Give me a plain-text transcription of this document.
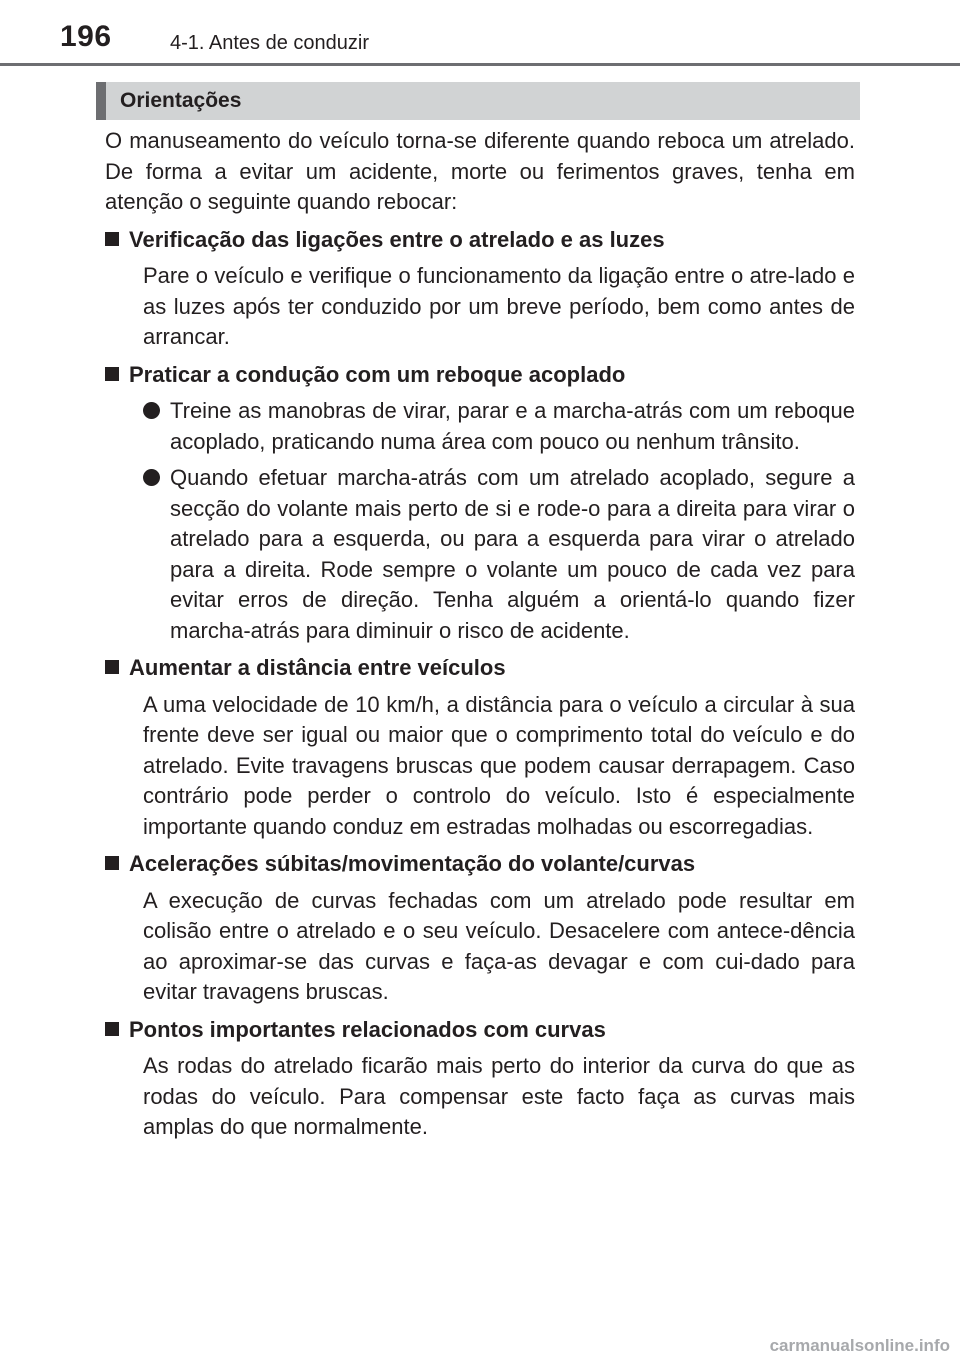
196	4-1. Antes de conduzir
Orientações

O manuseamento do veículo torna-se diferente quando reboca um atrelado. De forma a evitar um acidente, morte ou ferimentos graves, tenha em atenção o seguinte quando rebocar:

Verificação das ligações entre o atrelado e as luzes

Pare o veículo e verifique o funcionamento da ligação entre o atre-lado e as luzes após ter conduzido por um breve período, bem como antes de arrancar.

Praticar a condução com um reboque acoplado
Treine as manobras de virar, parar e a marcha-atrás com um reboque acoplado, praticando numa área com pouco ou nenhum trânsito.
Quando efetuar marcha-atrás com um atrelado acoplado, segure a secção do volante mais perto de si e rode-o para a direita para virar o atrelado para a esquerda, ou para a esquerda para virar o atrelado para a direita. Rode sempre o volante um pouco de cada vez para evitar erros de direção. Tenha alguém a orientá-lo quando fizer marcha-atrás para diminuir o risco de acidente.
Aumentar a distância entre veículos

A uma velocidade de 10 km/h, a distância para o veículo a circular à sua frente deve ser igual ou maior que o comprimento total do veículo e do atrelado. Evite travagens bruscas que podem causar derrapagem. Caso contrário pode perder o controlo do veículo. Isto é especialmente importante quando conduz em estradas molhadas ou escorregadias.

Acelerações súbitas/movimentação do volante/curvas

A execução de curvas fechadas com um atrelado pode resultar em colisão entre o atrelado e o seu veículo. Desacelere com antece-dência ao aproximar-se das curvas e faça-as devagar e com cui-dado para evitar travagens bruscas.

Pontos importantes relacionados com curvas

As rodas do atrelado ficarão mais perto do interior da curva do que as rodas do veículo. Para compensar este facto faça as curvas mais amplas do que normalmente.

carmanualsonline.info
